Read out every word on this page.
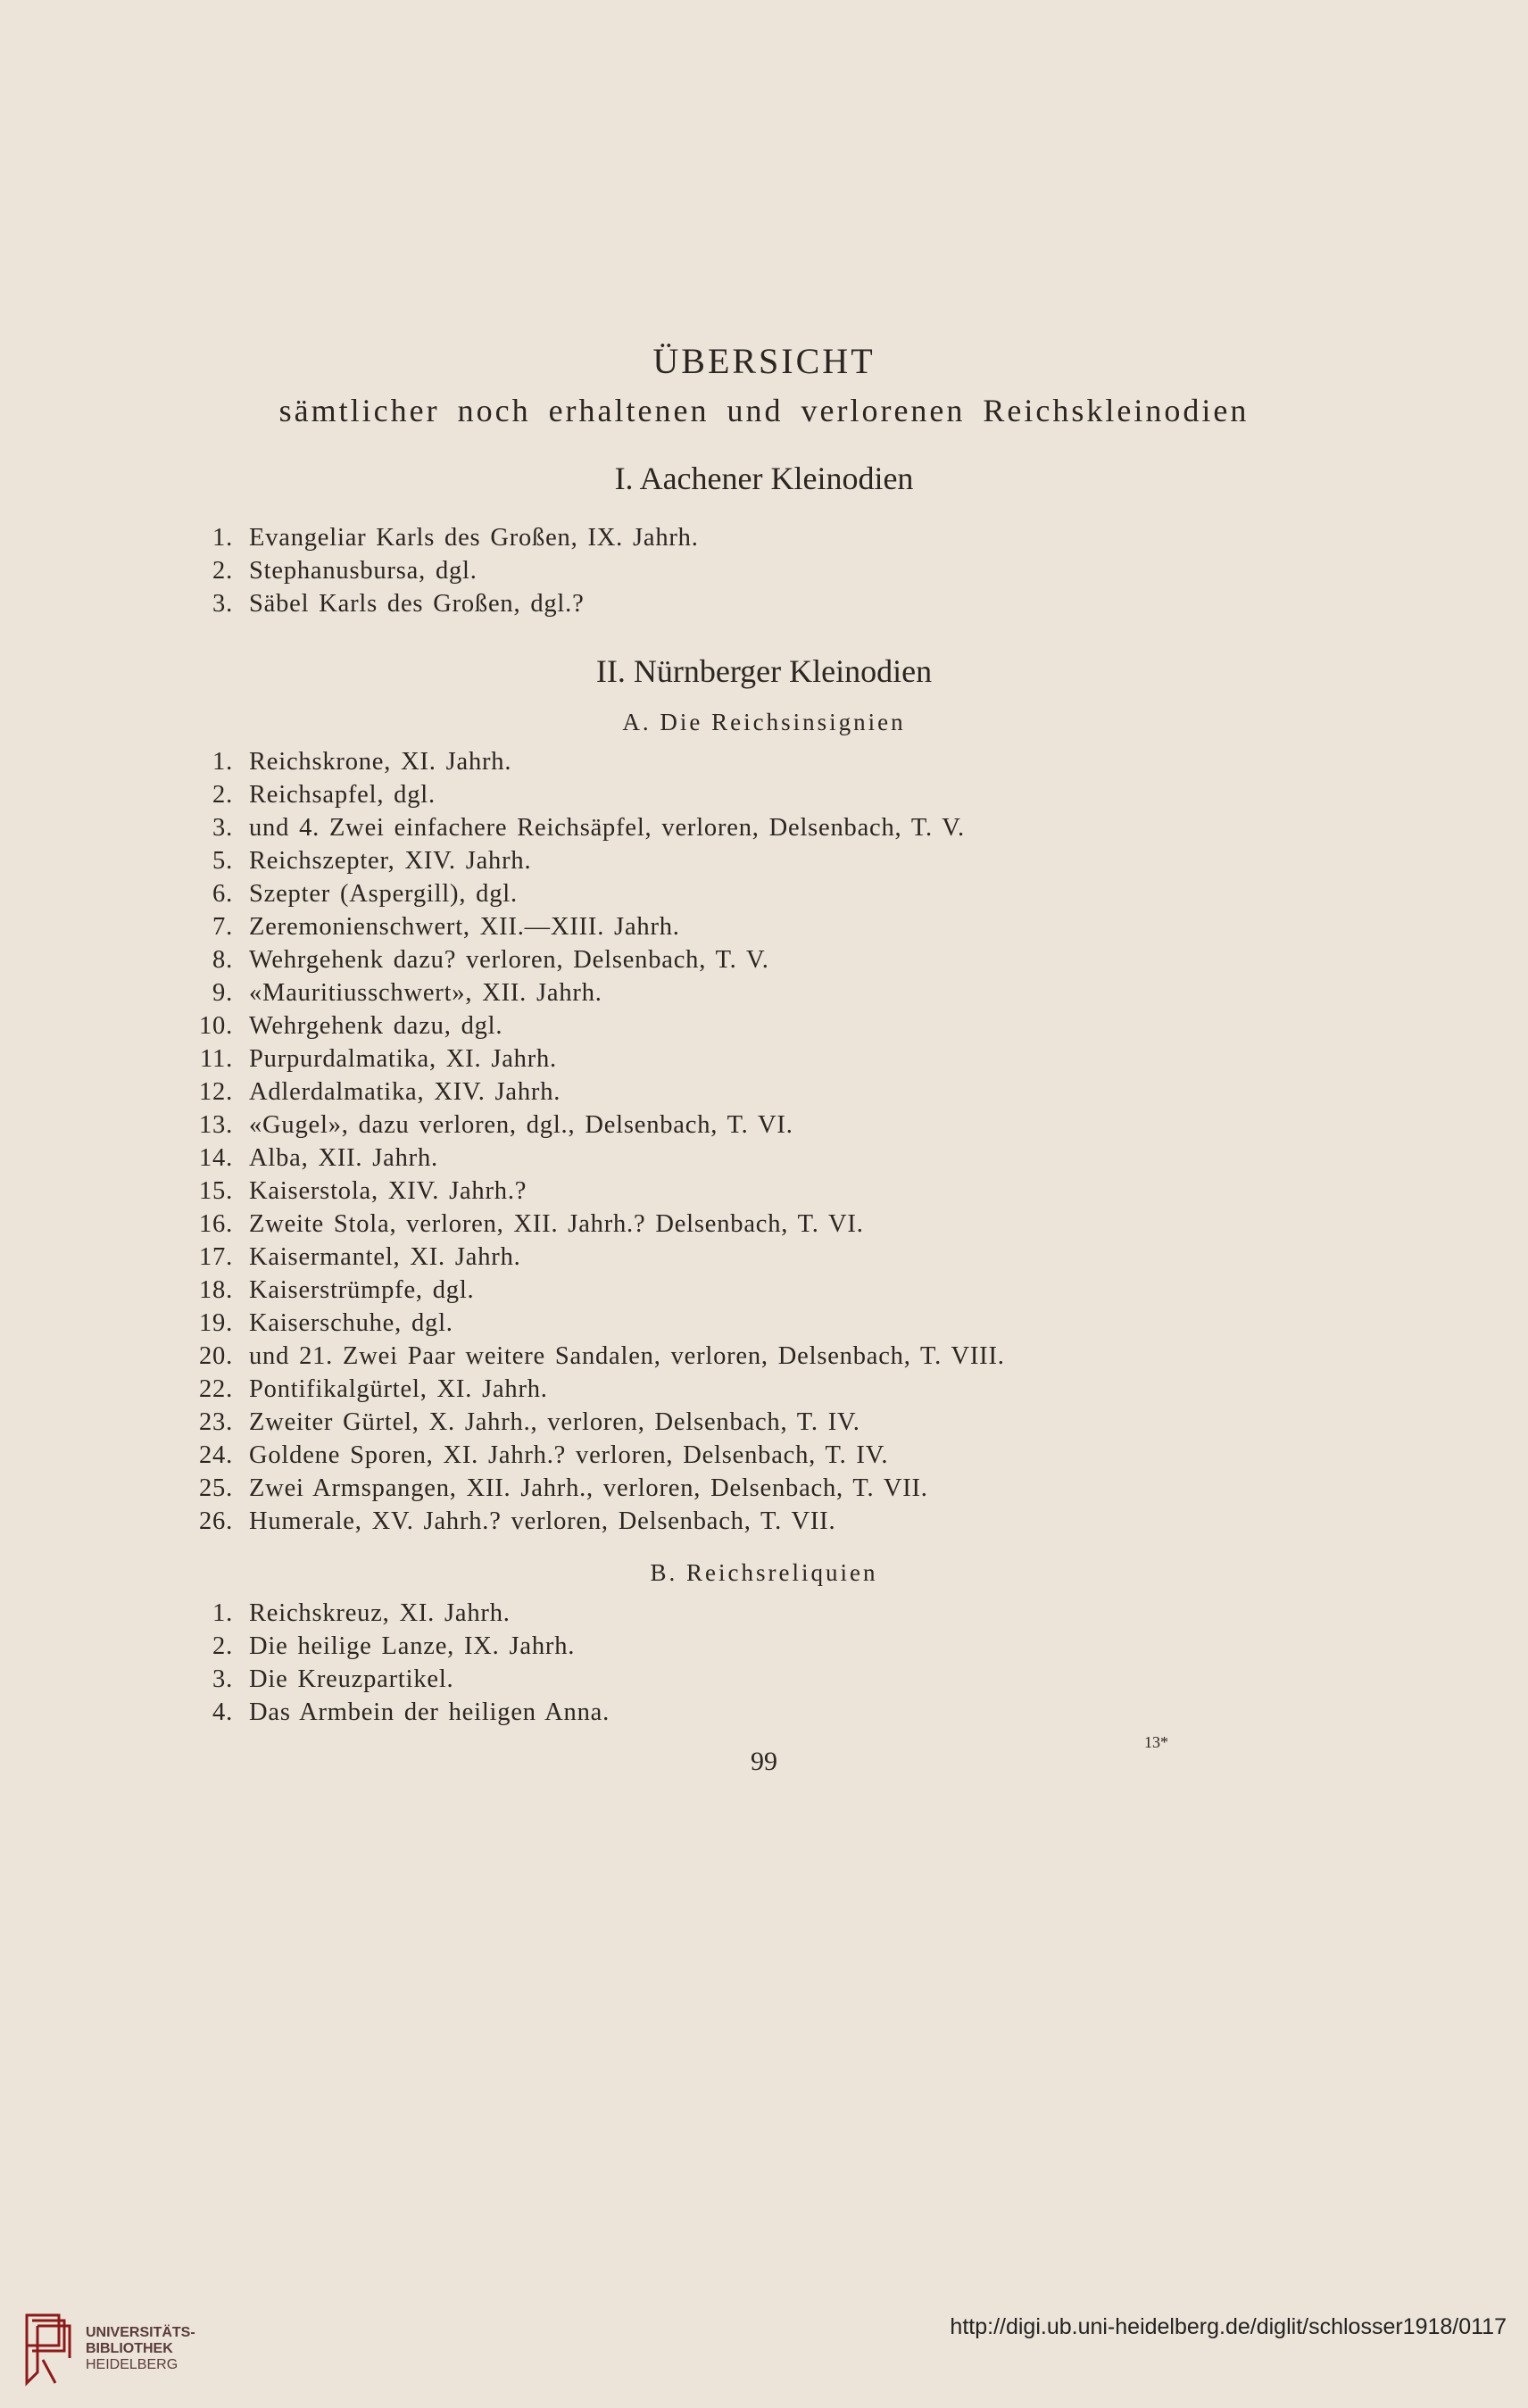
ÜBERSICHT
sämtlicher noch erhaltenen und verlorenen Reichskleinodien
I. Aachener Kleinodien
1. Evangeliar Karls des Großen, IX. Jahrh.
2. Stephanusbursa, dgl.
3. Säbel Karls des Großen, dgl.?
II. Nürnberger Kleinodien
A. Die Reichsinsignien
1. Reichskrone, XI. Jahrh.
2. Reichsapfel, dgl.
3. und 4. Zwei einfachere Reichsäpfel, verloren, Delsenbach, T. V.
5. Reichszepter, XIV. Jahrh.
6. Szepter (Aspergill), dgl.
7. Zeremonienschwert, XII.—XIII. Jahrh.
8. Wehrgehenk dazu? verloren, Delsenbach, T. V.
9. «Mauritiusschwert», XII. Jahrh.
10. Wehrgehenk dazu, dgl.
11. Purpurdalmatika, XI. Jahrh.
12. Adlerdalmatika, XIV. Jahrh.
13. «Gugel», dazu verloren, dgl., Delsenbach, T. VI.
14. Alba, XII. Jahrh.
15. Kaiserstola, XIV. Jahrh.?
16. Zweite Stola, verloren, XII. Jahrh.? Delsenbach, T. VI.
17. Kaisermantel, XI. Jahrh.
18. Kaiserstrümpfe, dgl.
19. Kaiserschuhe, dgl.
20. und 21. Zwei Paar weitere Sandalen, verloren, Delsenbach, T. VIII.
22. Pontifikalgürtel, XI. Jahrh.
23. Zweiter Gürtel, X. Jahrh., verloren, Delsenbach, T. IV.
24. Goldene Sporen, XI. Jahrh.? verloren, Delsenbach, T. IV.
25. Zwei Armspangen, XII. Jahrh., verloren, Delsenbach, T. VII.
26. Humerale, XV. Jahrh.? verloren, Delsenbach, T. VII.
B. Reichsreliquien
1. Reichskreuz, XI. Jahrh.
2. Die heilige Lanze, IX. Jahrh.
3. Die Kreuzpartikel.
4. Das Armbein der heiligen Anna.
13*
99
UNIVERSITÄTS-
BIBLIOTHEK
HEIDELBERG
http://digi.ub.uni-heidelberg.de/diglit/schlosser1918/0117
